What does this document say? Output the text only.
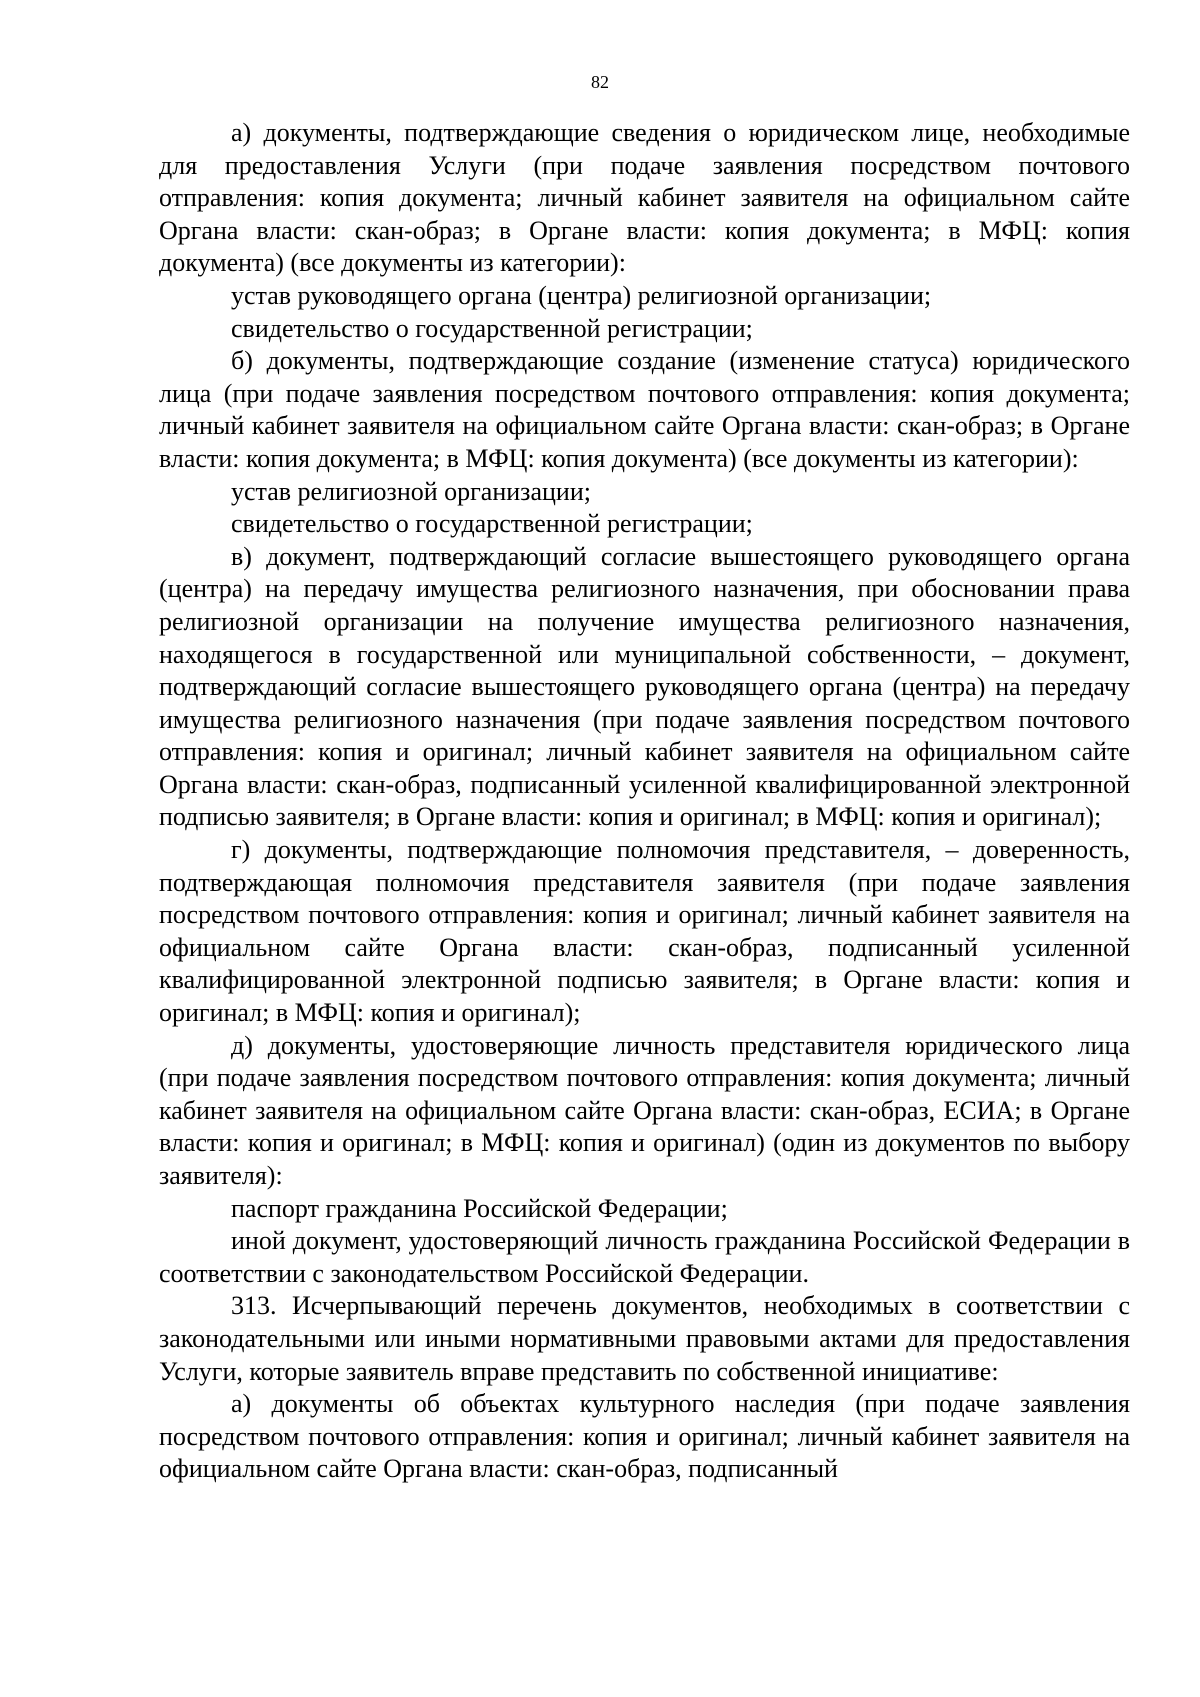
82

а) документы, подтверждающие сведения о юридическом лице, необходимые для предоставления Услуги (при подаче заявления посредством почтового отправления: копия документа; личный кабинет заявителя на официальном сайте Органа власти: скан-образ; в Органе власти: копия документа; в МФЦ: копия документа) (все документы из категории):

устав руководящего органа (центра) религиозной организации;

свидетельство о государственной регистрации;

б) документы, подтверждающие создание (изменение статуса) юридического лица (при подаче заявления посредством почтового отправления: копия документа; личный кабинет заявителя на официальном сайте Органа власти: скан-образ; в Органе власти: копия документа; в МФЦ: копия документа) (все документы из категории):

устав религиозной организации;

свидетельство о государственной регистрации;

в) документ, подтверждающий согласие вышестоящего руководящего органа (центра) на передачу имущества религиозного назначения, при обосновании права религиозной организации на получение имущества религиозного назначения, находящегося в государственной или муниципальной собственности, – документ, подтверждающий согласие вышестоящего руководящего органа (центра) на передачу имущества религиозного назначения (при подаче заявления посредством почтового отправления: копия и оригинал; личный кабинет заявителя на официальном сайте Органа власти: скан-образ, подписанный усиленной квалифицированной электронной подписью заявителя; в Органе власти: копия и оригинал; в МФЦ: копия и оригинал);

г) документы, подтверждающие полномочия представителя, – доверенность, подтверждающая полномочия представителя заявителя (при подаче заявления посредством почтового отправления: копия и оригинал; личный кабинет заявителя на официальном сайте Органа власти: скан-образ, подписанный усиленной квалифицированной электронной подписью заявителя; в Органе власти: копия и оригинал; в МФЦ: копия и оригинал);

д) документы, удостоверяющие личность представителя юридического лица (при подаче заявления посредством почтового отправления: копия документа; личный кабинет заявителя на официальном сайте Органа власти: скан-образ, ЕСИА; в Органе власти: копия и оригинал; в МФЦ: копия и оригинал) (один из документов по выбору заявителя):

паспорт гражданина Российской Федерации;

иной документ, удостоверяющий личность гражданина Российской Федерации в соответствии с законодательством Российской Федерации.

313. Исчерпывающий перечень документов, необходимых в соответствии с законодательными или иными нормативными правовыми актами для предоставления Услуги, которые заявитель вправе представить по собственной инициативе:

а) документы об объектах культурного наследия (при подаче заявления посредством почтового отправления: копия и оригинал; личный кабинет заявителя на официальном сайте Органа власти: скан-образ, подписанный
